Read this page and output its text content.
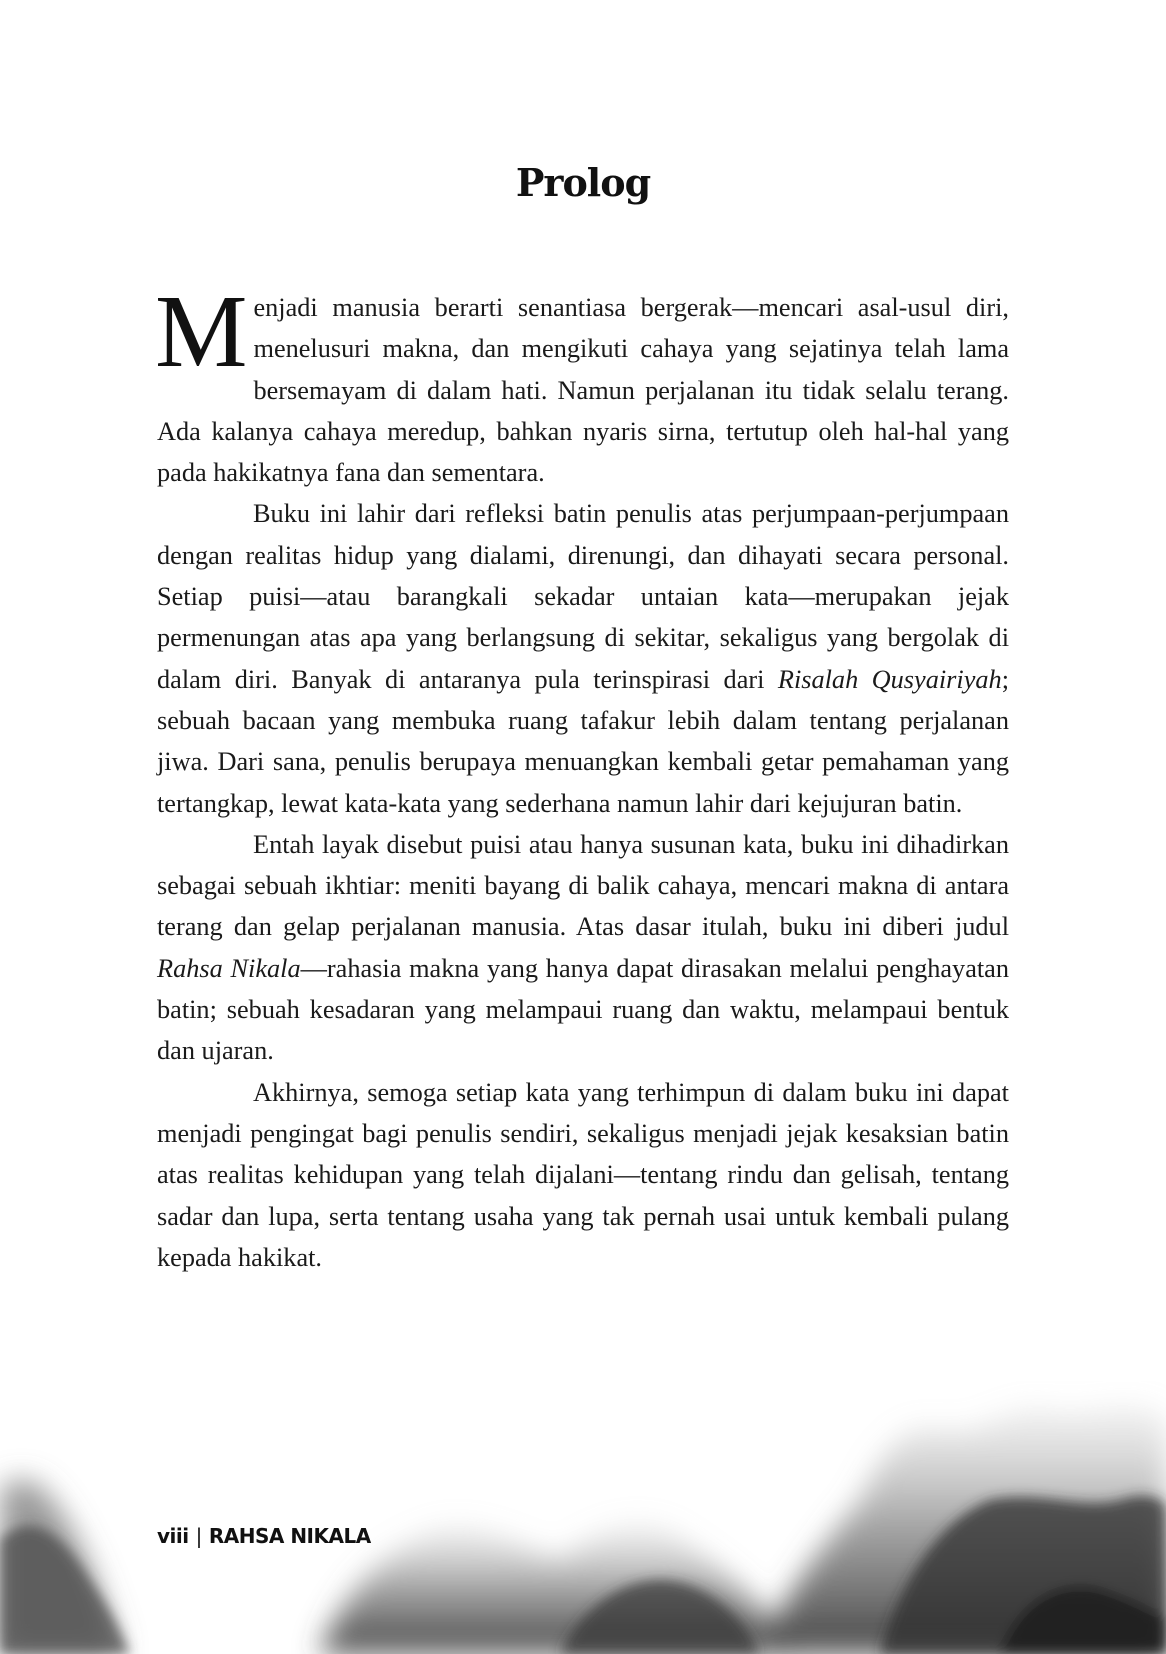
Prolog

Menjadi manusia berarti senantiasa bergerak—mencari asal-usul diri, menelusuri makna, dan mengikuti cahaya yang sejatinya telah lama bersemayam di dalam hati. Namun perjalanan itu tidak selalu terang. Ada kalanya cahaya meredup, bahkan nyaris sirna, tertutup oleh hal-hal yang pada hakikatnya fana dan sementara.

Buku ini lahir dari refleksi batin penulis atas perjumpaan-perjumpaan dengan realitas hidup yang dialami, direnungi, dan dihayati secara personal. Setiap puisi—atau barangkali sekadar untaian kata—merupakan jejak permenungan atas apa yang berlangsung di sekitar, sekaligus yang bergolak di dalam diri. Banyak di antaranya pula terinspirasi dari Risalah Qusyairiyah; sebuah bacaan yang membuka ruang tafakur lebih dalam tentang perjalanan jiwa. Dari sana, penulis berupaya menuangkan kembali getar pemahaman yang tertangkap, lewat kata-kata yang sederhana namun lahir dari kejujuran batin.

Entah layak disebut puisi atau hanya susunan kata, buku ini dihadirkan sebagai sebuah ikhtiar: meniti bayang di balik cahaya, mencari makna di antara terang dan gelap perjalanan manusia. Atas dasar itulah, buku ini diberi judul Rahsa Nikala—rahasia makna yang hanya dapat dirasakan melalui penghayatan batin; sebuah kesadaran yang melampaui ruang dan waktu, melampaui bentuk dan ujaran.

Akhirnya, semoga setiap kata yang terhimpun di dalam buku ini dapat menjadi pengingat bagi penulis sendiri, sekaligus menjadi jejak kesaksian batin atas realitas kehidupan yang telah dijalani—tentang rindu dan gelisah, tentang sadar dan lupa, serta tentang usaha yang tak pernah usai untuk kembali pulang kepada hakikat.

viii | RAHSA NIKALA
